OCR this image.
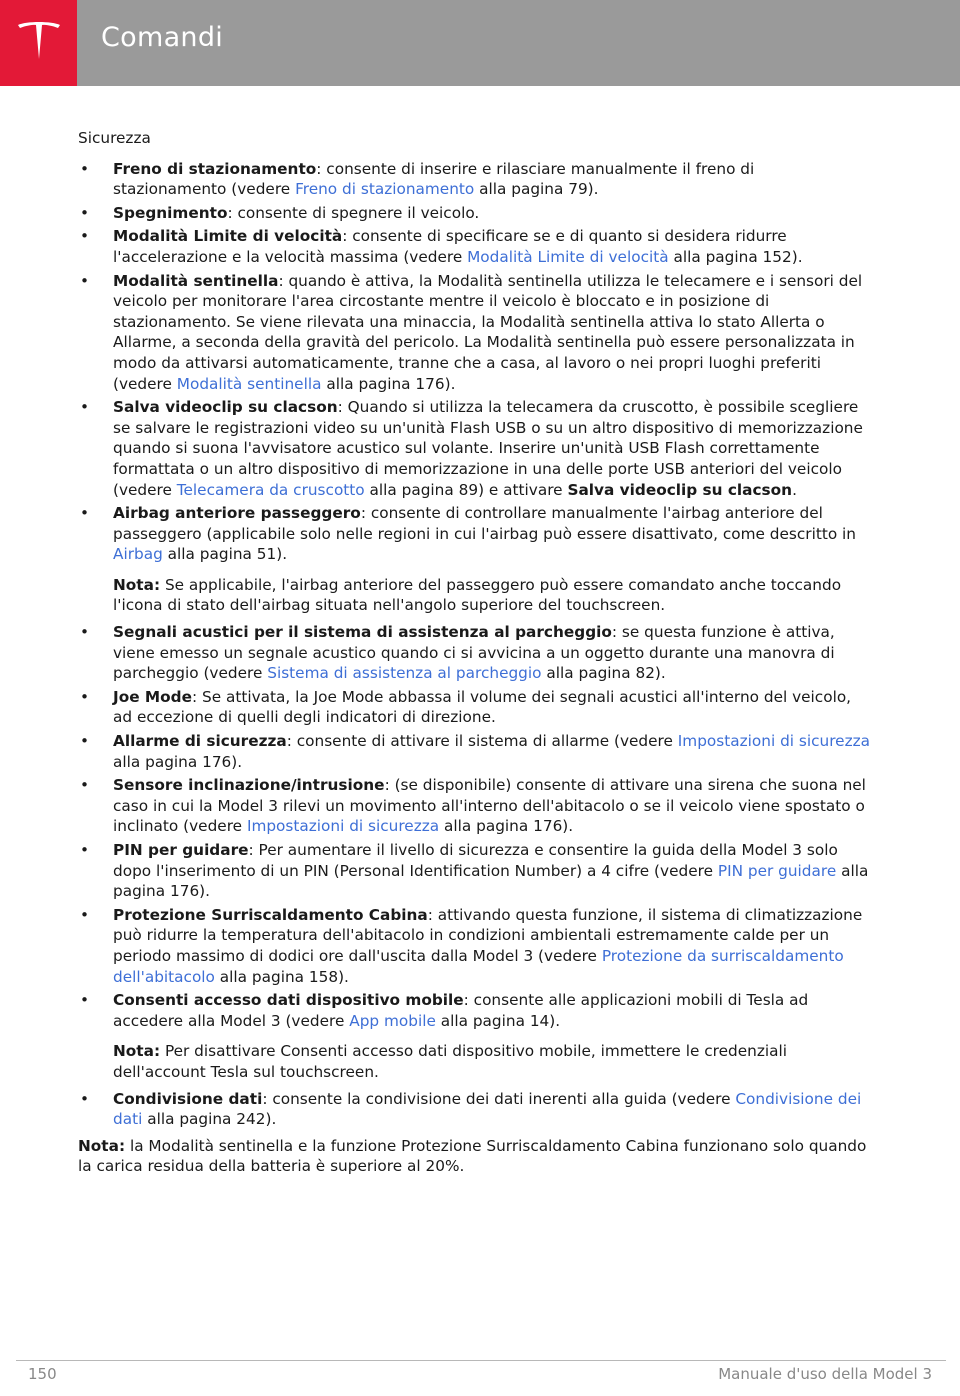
Comandi
Sicurezza
• Freno di stazionamento: consente di inserire e rilasciare manualmente il freno di stazionamento (vedere Freno di stazionamento alla pagina 79).
• Spegnimento: consente di spegnere il veicolo.
• Modalità Limite di velocità: consente di specificare se e di quanto si desidera ridurre l'accelerazione e la velocità massima (vedere Modalità Limite di velocità alla pagina 152).
• Modalità sentinella: quando è attiva, la Modalità sentinella utilizza le telecamere e i sensori del veicolo per monitorare l'area circostante mentre il veicolo è bloccato e in posizione di stazionamento. Se viene rilevata una minaccia, la Modalità sentinella attiva lo stato Allerta o Allarme, a seconda della gravità del pericolo. La Modalità sentinella può essere personalizzata in modo da attivarsi automaticamente, tranne che a casa, al lavoro o nei propri luoghi preferiti (vedere Modalità sentinella alla pagina 176).
• Salva videoclip su clacson: Quando si utilizza la telecamera da cruscotto, è possibile scegliere se salvare le registrazioni video su un'unità Flash USB o su un altro dispositivo di memorizzazione quando si suona l'avvisatore acustico sul volante. Inserire un'unità USB Flash correttamente formattata o un altro dispositivo di memorizzazione in una delle porte USB anteriori del veicolo (vedere Telecamera da cruscotto alla pagina 89) e attivare Salva videoclip su clacson.
• Airbag anteriore passeggero: consente di controllare manualmente l'airbag anteriore del passeggero (applicabile solo nelle regioni in cui l'airbag può essere disattivato, come descritto in Airbag alla pagina 51).
Nota: Se applicabile, l'airbag anteriore del passeggero può essere comandato anche toccando l'icona di stato dell'airbag situata nell'angolo superiore del touchscreen.
• Segnali acustici per il sistema di assistenza al parcheggio: se questa funzione è attiva, viene emesso un segnale acustico quando ci si avvicina a un oggetto durante una manovra di parcheggio (vedere Sistema di assistenza al parcheggio alla pagina 82).
• Joe Mode: Se attivata, la Joe Mode abbassa il volume dei segnali acustici all'interno del veicolo, ad eccezione di quelli degli indicatori di direzione.
• Allarme di sicurezza: consente di attivare il sistema di allarme (vedere Impostazioni di sicurezza alla pagina 176).
• Sensore inclinazione/intrusione: (se disponibile) consente di attivare una sirena che suona nel caso in cui la Model 3 rilevi un movimento all'interno dell'abitacolo o se il veicolo viene spostato o inclinato (vedere Impostazioni di sicurezza alla pagina 176).
• PIN per guidare: Per aumentare il livello di sicurezza e consentire la guida della Model 3 solo dopo l'inserimento di un PIN (Personal Identification Number) a 4 cifre (vedere PIN per guidare alla pagina 176).
• Protezione Surriscaldamento Cabina: attivando questa funzione, il sistema di climatizzazione può ridurre la temperatura dell'abitacolo in condizioni ambientali estremamente calde per un periodo massimo di dodici ore dall'uscita dalla Model 3 (vedere Protezione da surriscaldamento dell'abitacolo alla pagina 158).
• Consenti accesso dati dispositivo mobile: consente alle applicazioni mobili di Tesla ad accedere alla Model 3 (vedere App mobile alla pagina 14).
Nota: Per disattivare Consenti accesso dati dispositivo mobile, immettere le credenziali dell'account Tesla sul touchscreen.
• Condivisione dati: consente la condivisione dei dati inerenti alla guida (vedere Condivisione dei dati alla pagina 242).
Nota: la Modalità sentinella e la funzione Protezione Surriscaldamento Cabina funzionano solo quando la carica residua della batteria è superiore al 20%.
150	Manuale d'uso della Model 3
